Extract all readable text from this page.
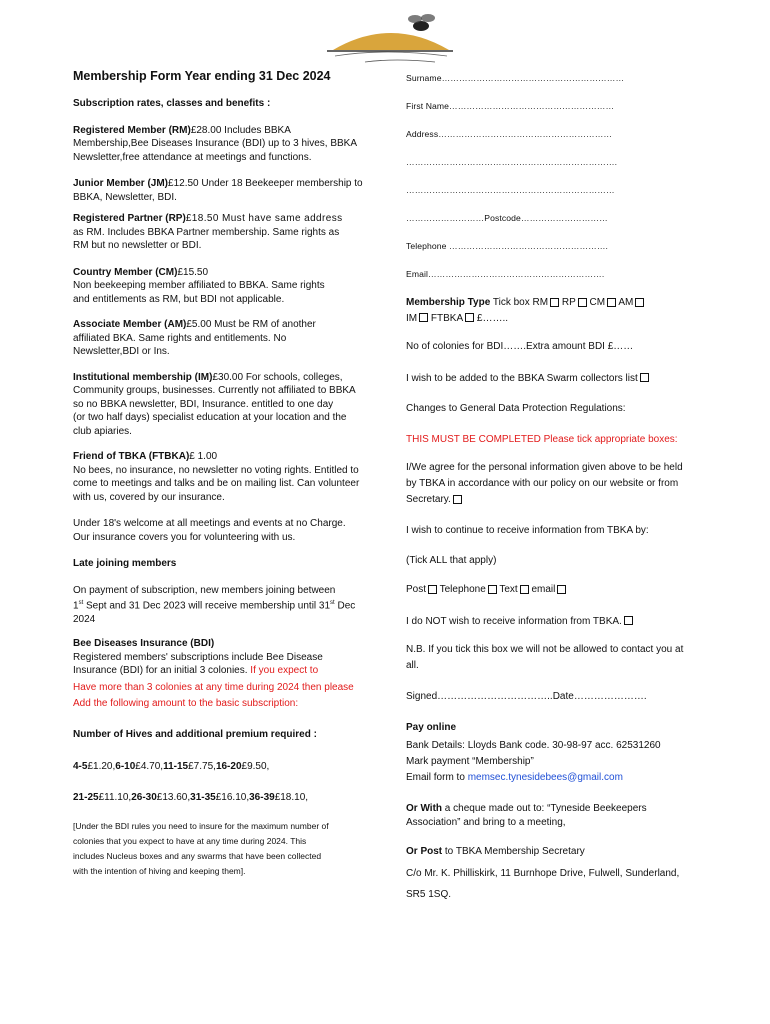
Membership Form Year ending 31 Dec 2024

Subscription rates, classes and benefits :

Registered Member (RM)£28.00 Includes BBKA

Membership,Bee Diseases Insurance (BDI) up to 3 hives, BBKA

Newsletter,free attendance at meetings and functions.

Junior Member (JM)£12.50 Under 18 Beekeeper membership to

BBKA, Newsletter, BDI.

Registered Partner (RP)£18.50 Must have same address

as RM. Includes BBKA Partner membership. Same rights as

RM but no newsletter or BDI.

Country Member (CM)£15.50

Non beekeeping member affiliated to BBKA. Same rights

and entitlements as RM, but BDI not applicable.

Associate Member (AM)£5.00 Must be RM of another

affiliated BKA. Same rights and entitlements. No

Newsletter,BDI or Ins.

Institutional membership (IM)£30.00 For schools, colleges,

Community groups, businesses. Currently not affiliated to BBKA

so no BBKA newsletter, BDI, Insurance. entitled to one day

(or two half days) specialist education at your location and the

club apiaries.

Friend of TBKA (FTBKA)£ 1.00

No bees, no insurance, no newsletter no voting rights. Entitled to

come to meetings and talks and be on mailing list. Can volunteer

with us, covered by our insurance.

Under 18's welcome at all meetings and events at no Charge.

Our insurance covers you for volunteering with us.

Late joining members

On payment of subscription, new members joining between

1st Sept and 31 Dec 2023 will receive membership until 31st Dec

2024

Bee Diseases Insurance (BDI)

Registered members' subscriptions include Bee Disease

Insurance (BDI) for an initial 3 colonies. If you expect to

Have more than 3 colonies at any time during 2024 then please

Add the following amount to the basic subscription:

Number of Hives and additional premium required :

4-5£1.20,6-10£4.70,11-15£7.75,16-20£9.50,

21-25£11.10,26-30£13.60,31-35£16.10,36-39£18.10,

[Under the BDI rules you need to insure for the maximum number of

colonies that you expect to have at any time during 2024. This

includes Nucleus boxes and any swarms that have been collected

with the intention of hiving and keeping them].

Surname………………………………………………………

First Name…………………………………………………

Address……………………………………………………

……………………………………………………………….

………………………………………………………………

………………………Postcode…………………………

Telephone ……………………………………………….

Email…………………………………………………….

Membership Type Tick box RM RP CM AM

IM FTBKA £……..

No of colonies for BDI…….Extra amount BDI £……

I wish to be added to the BBKA Swarm collectors list

Changes to General Data Protection Regulations:

THIS MUST BE COMPLETED Please tick appropriate boxes:

I/We agree for the personal information given above to be held

by TBKA in accordance with our policy on our website or from

Secretary.

I wish to continue to receive information from TBKA by:

(Tick ALL that apply)

Post Telephone Text email

I do NOT wish to receive information from TBKA.

N.B. If you tick this box we will not be allowed to contact you at

all.

Signed……………………………..Date………………….

Pay online

Bank Details: Lloyds Bank code. 30-98-97 acc. 62531260

Mark payment “Membership”

Email form to memsec.tynesidebees@gmail.com

Or With a cheque made out to: “Tyneside Beekeepers

Association” and bring to a meeting,

Or Post to TBKA Membership Secretary

C/o Mr. K. Philliskirk, 11 Burnhope Drive, Fulwell, Sunderland,

SR5 1SQ.
